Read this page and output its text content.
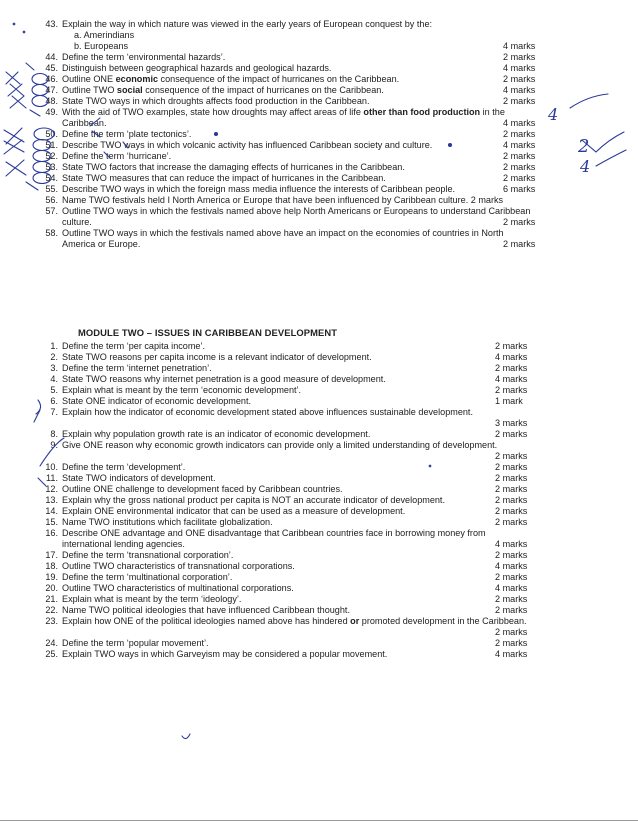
43. Explain the way in which nature was viewed in the early years of European conquest by the:
a. Amerindians
b. Europeans	4 marks
44. Define the term ‘environmental hazards’.	2 marks
45. Distinguish between geographical hazards and geological hazards.	4 marks
46. Outline ONE economic consequence of the impact of hurricanes on the Caribbean.	2 marks
47. Outline TWO social consequence of the impact of hurricanes on the Caribbean.	4 marks
48. State TWO ways in which droughts affects food production in the Caribbean.	2 marks
49. With the aid of TWO examples, state how droughts may affect areas of life other than food production in the
Caribbean.	4 marks
50. Define the term ‘plate tectonics’.	2 marks
51. Describe TWO ways in which volcanic activity has influenced Caribbean society and culture.	4 marks
52. Define the term ‘hurricane’.	2 marks
53. State TWO factors that increase the damaging effects of hurricanes in the Caribbean.	2 marks
54. State TWO measures that can reduce the impact of hurricanes in the Caribbean.	2 marks
55. Describe TWO ways in which the foreign mass media influence the interests of Caribbean people.	6 marks
56. Name TWO festivals held I North America or Europe that have been influenced by Caribbean culture. 2 marks
57. Outline TWO ways in which the festivals named above help North Americans or Europeans to understand Caribbean
culture.	2 marks
58. Outline TWO ways in which the festivals named above have an impact on the economies of countries in North
America or Europe.	2 marks
MODULE TWO – ISSUES IN CARIBBEAN DEVELOPMENT
1. Define the term ‘per capita income’.	2 marks
2. State TWO reasons per capita income is a relevant indicator of development.	4 marks
3. Define the term ‘internet penetration’.	2 marks
4. State TWO reasons why internet penetration is a good measure of development.	4 marks
5. Explain what is meant by the term ‘economic development’.	2 marks
6. State ONE indicator of economic development.	1 mark
7. Explain how the indicator of economic development stated above influences sustainable development.
3 marks
8. Explain why population growth rate is an indicator of economic development.	2 marks
9. Give ONE reason why economic growth indicators can provide only a limited understanding of development.
2 marks
10. Define the term ‘development’.	2 marks
11. State TWO indicators of development.	2 marks
12. Outline ONE challenge to development faced by Caribbean countries.	2 marks
13. Explain why the gross national product per capita is NOT an accurate indicator of development.	2 marks
14. Explain ONE environmental indicator that can be used as a measure of development.	2 marks
15. Name TWO institutions which facilitate globalization.	2 marks
16. Describe ONE advantage and ONE disadvantage that Caribbean countries face in borrowing money from
international lending agencies.	4 marks
17. Define the term ‘transnational corporation’.	2 marks
18. Outline TWO characteristics of transnational corporations.	4 marks
19. Define the term ‘multinational corporation’.	2 marks
20. Outline TWO characteristics of multinational corporations.	4 marks
21. Explain what is meant by the term ‘ideology’.	2 marks
22. Name TWO political ideologies that have influenced Caribbean thought.	2 marks
23. Explain how ONE of the political ideologies named above has hindered or promoted development in the Caribbean.
2 marks
24. Define the term ‘popular movement’.	2 marks
25. Explain TWO ways in which Garveyism may be considered a popular movement.	4 marks
4
2
4
